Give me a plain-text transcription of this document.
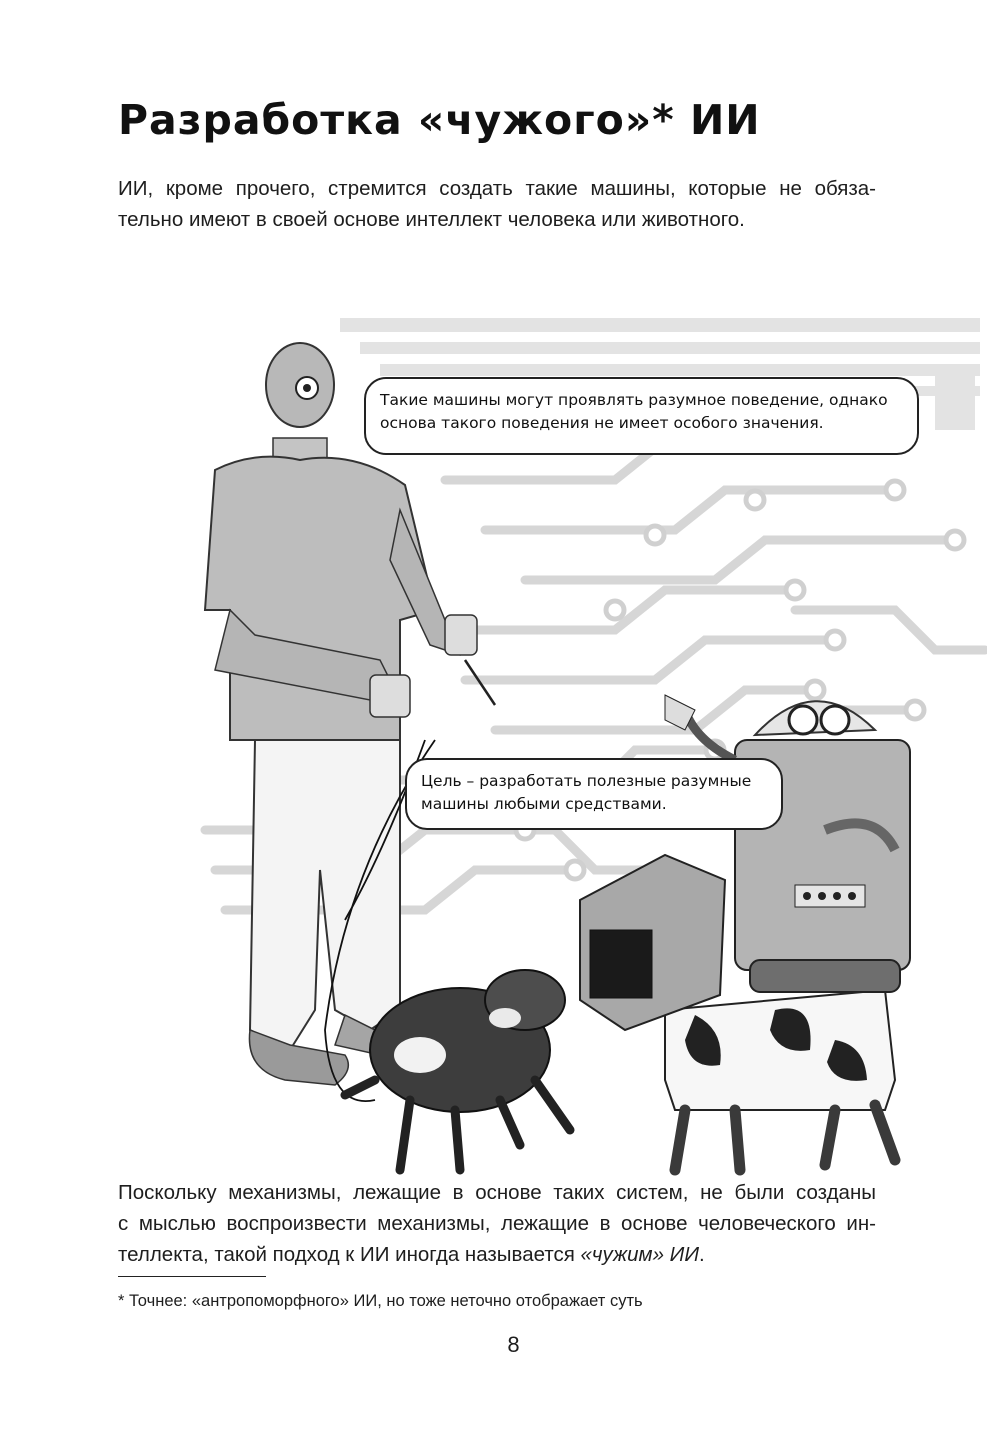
Разработка «чужого»* ИИ

ИИ, кроме прочего, стремится создать такие машины, которые не обяза-
тельно имеют в своей основе интеллект человека или животного.

Такие машины могут проявлять разумное поведение, однако
основа такого поведения не имеет особого значения.
Цель – разработать полезные разумные
машины любыми средствами.

Поскольку механизмы, лежащие в основе таких систем, не были созданы
с мыслью воспроизвести механизмы, лежащие в основе человеческого ин-
теллекта, такой подход к ИИ иногда называется «чужим» ИИ.

* Точнее: «антропоморфного» ИИ, но тоже неточно отображает суть

8
